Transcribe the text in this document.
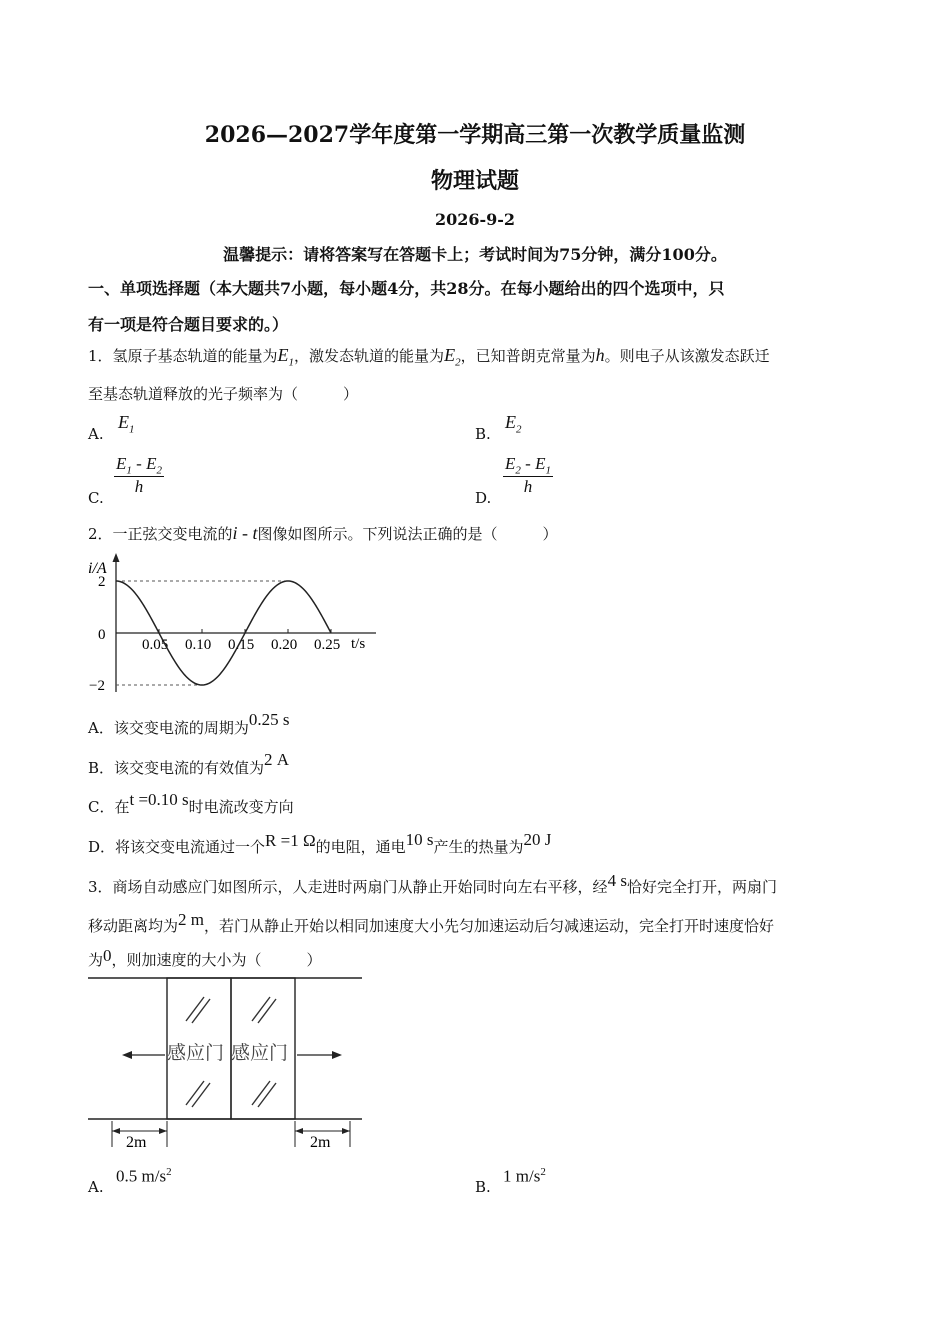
2026—2027学年度第一学期高三第一次教学质量监测
物理试题
2026-9-2
温馨提示：请将答案写在答题卡上；考试时间为75分钟，满分100分。
一、单项选择题（本大题共7小题，每小题4分，共28分。在每小题给出的四个选项中，只
有一项是符合题目要求的。）
1．氢原子基态轨道的能量为$E_1$，激发态轨道的能量为$E_2$，已知普朗克常量为h。则电子从该激发态跃迁
至基态轨道释放的光子频率为（　　　）
A.
$E_1$	B.
$E_2$
C.
$\frac{E_1 - E_2}{h}$
D.
$\frac{E_2 - E_1}{h}$
2．一正弦交变电流的i - t图像如图所示。下列说法正确的是（　　　）
i/A
t/s
2
0
−2
0.05 0.10 0.15 0.20 0.25
A．该交变电流的周期为0.25 s
B．该交变电流的有效值为2 A
C．在t =0.10 s时电流改变方向
D．将该交变电流通过一个R =1 Ω的电阻，通电10 s产生的热量为20 J
3．商场自动感应门如图所示，人走进时两扇门从静止开始同时向左右平移，经4 s恰好完全打开，两扇门
移动距离均为2 m，若门从静止开始以相同加速度大小先匀加速运动后匀减速运动，完全打开时速度恰好
为0，则加速度的大小为（　　　）
感应门 感应门
2m	2m
A.
0.5 $m/s^2$
B.
1 $m/s^2$
